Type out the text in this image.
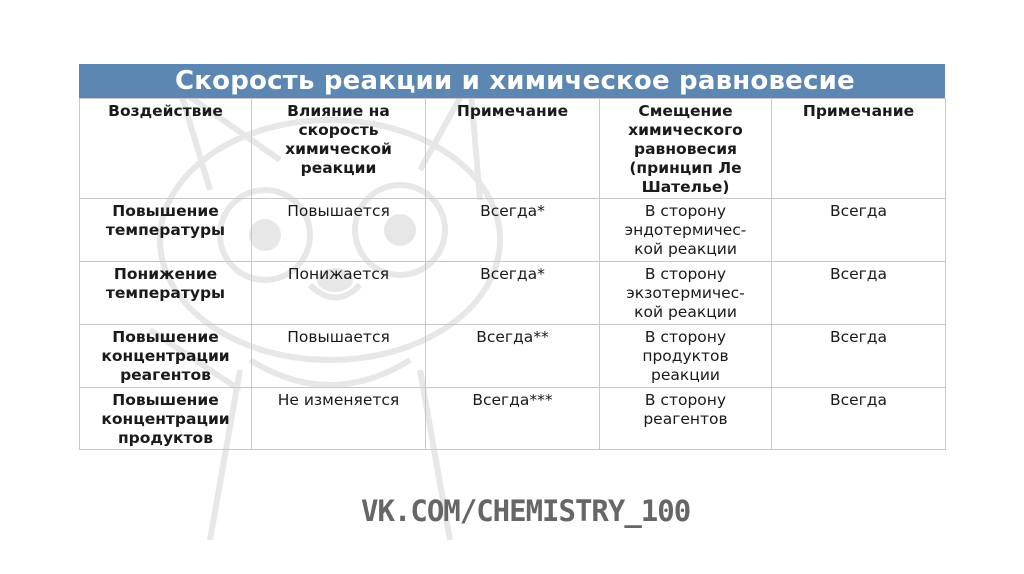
Скорость реакции и химическое равновесие
Воздействие	Влияние на
скорость
химической
реакции	Примечание	Смещение
химического
равновесия
(принцип Ле
Шателье)	Примечание

Повышение
температуры	Повышается	Всегда*	В сторону
эндотермичес-
кой реакции	Всегда

Понижение
температуры	Понижается	Всегда*	В сторону
экзотермичес-
кой реакции	Всегда

Повышение
концентрации
реагентов	Повышается	Всегда**	В сторону
продуктов
реакции	Всегда

Повышение
концентрации
продуктов	Не изменяется	Всегда***	В сторону
реагентов	Всегда
VK.COM/CHEMISTRY_100
